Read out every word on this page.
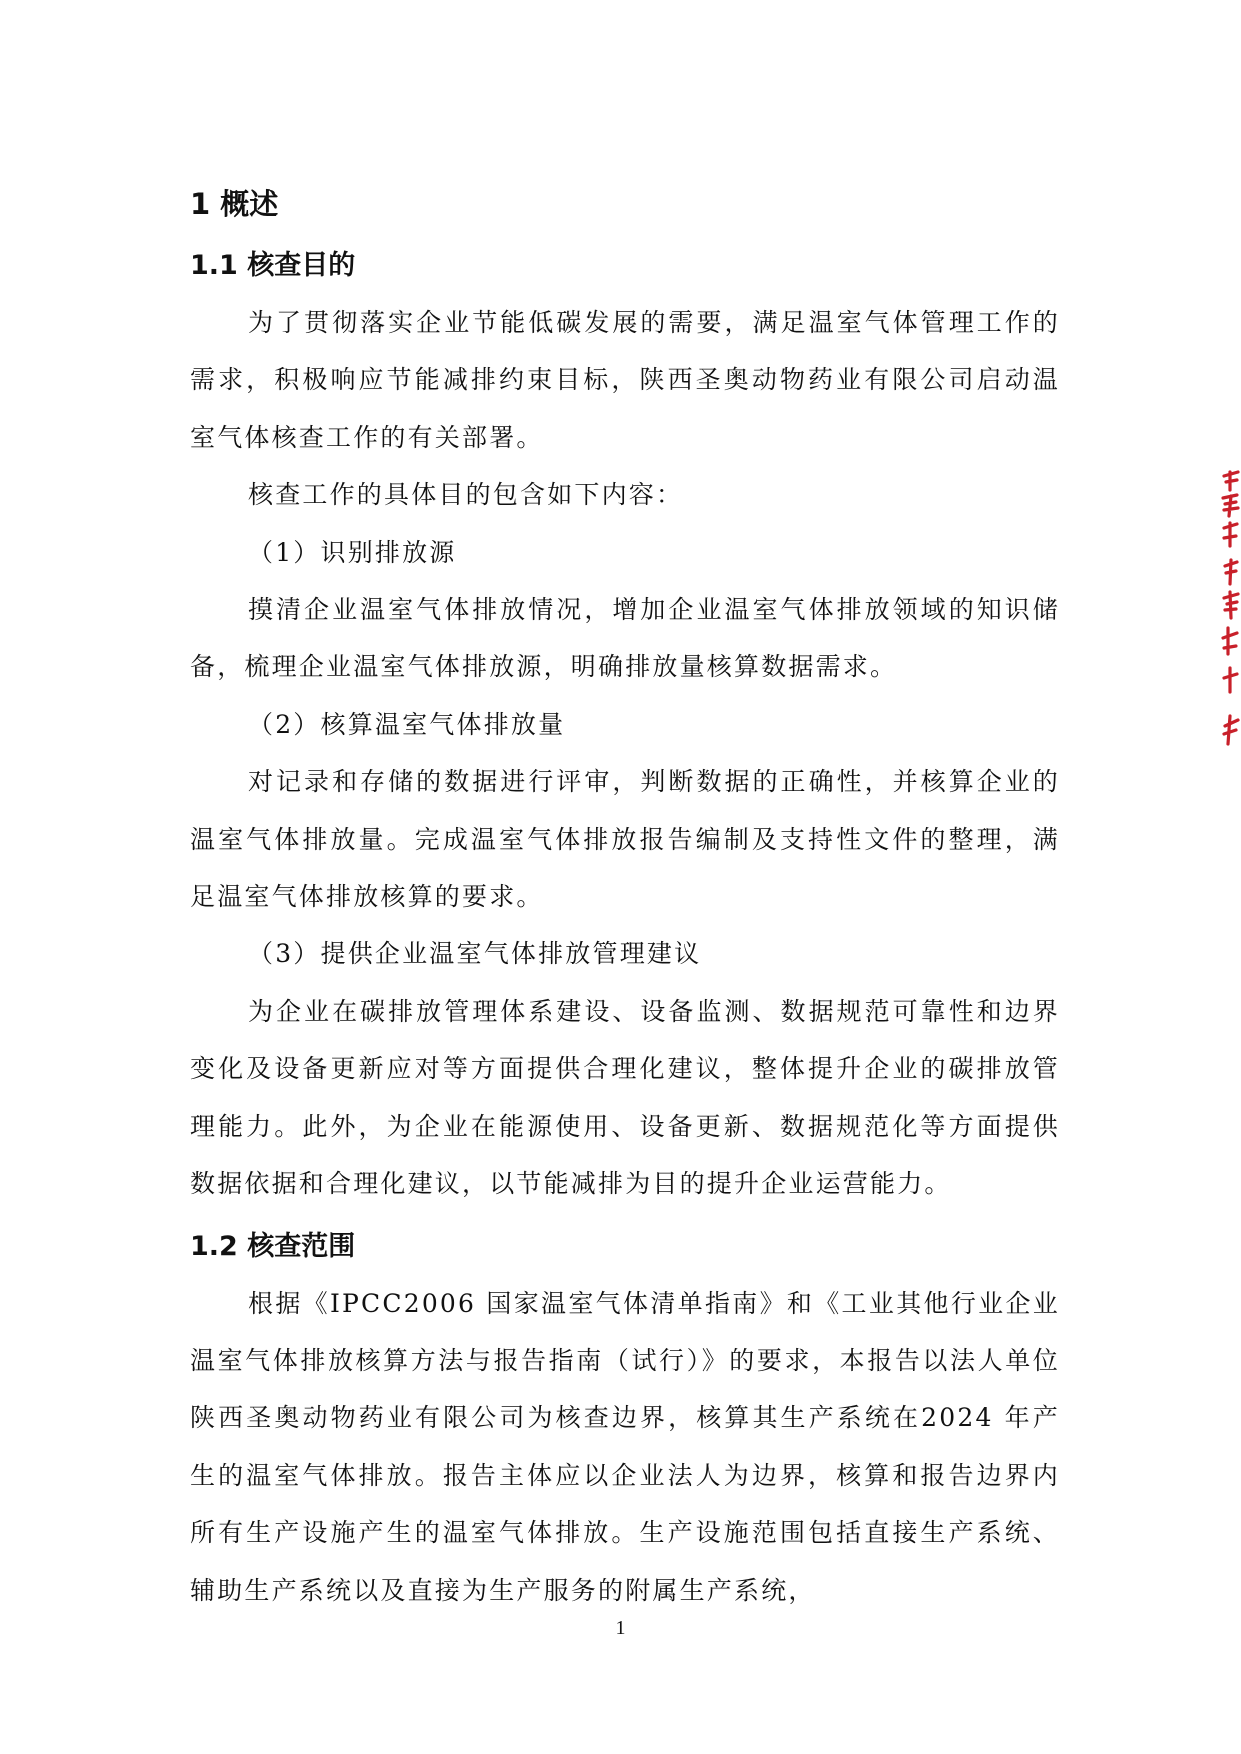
1 概述
1.1 核查目的

为了贯彻落实企业节能低碳发展的需要，满足温室气体管理工作的需求，积极响应节能减排约束目标，陕西圣奥动物药业有限公司启动温室气体核查工作的有关部署。

核查工作的具体目的包含如下内容：

（1）识别排放源

摸清企业温室气体排放情况，增加企业温室气体排放领域的知识储备，梳理企业温室气体排放源，明确排放量核算数据需求。

（2）核算温室气体排放量

对记录和存储的数据进行评审，判断数据的正确性，并核算企业的温室气体排放量。完成温室气体排放报告编制及支持性文件的整理，满足温室气体排放核算的要求。

（3）提供企业温室气体排放管理建议

为企业在碳排放管理体系建设、设备监测、数据规范可靠性和边界变化及设备更新应对等方面提供合理化建议，整体提升企业的碳排放管理能力。此外，为企业在能源使用、设备更新、数据规范化等方面提供数据依据和合理化建议，以节能减排为目的提升企业运营能力。

1.2 核查范围

根据《IPCC2006 国家温室气体清单指南》和《工业其他行业企业温室气体排放核算方法与报告指南（试行）》的要求，本报告以法人单位陕西圣奥动物药业有限公司为核查边界，核算其生产系统在2024 年产生的温室气体排放。报告主体应以企业法人为边界，核算和报告边界内所有生产设施产生的温室气体排放。生产设施范围包括直接生产系统、辅助生产系统以及直接为生产服务的附属生产系统，

1
